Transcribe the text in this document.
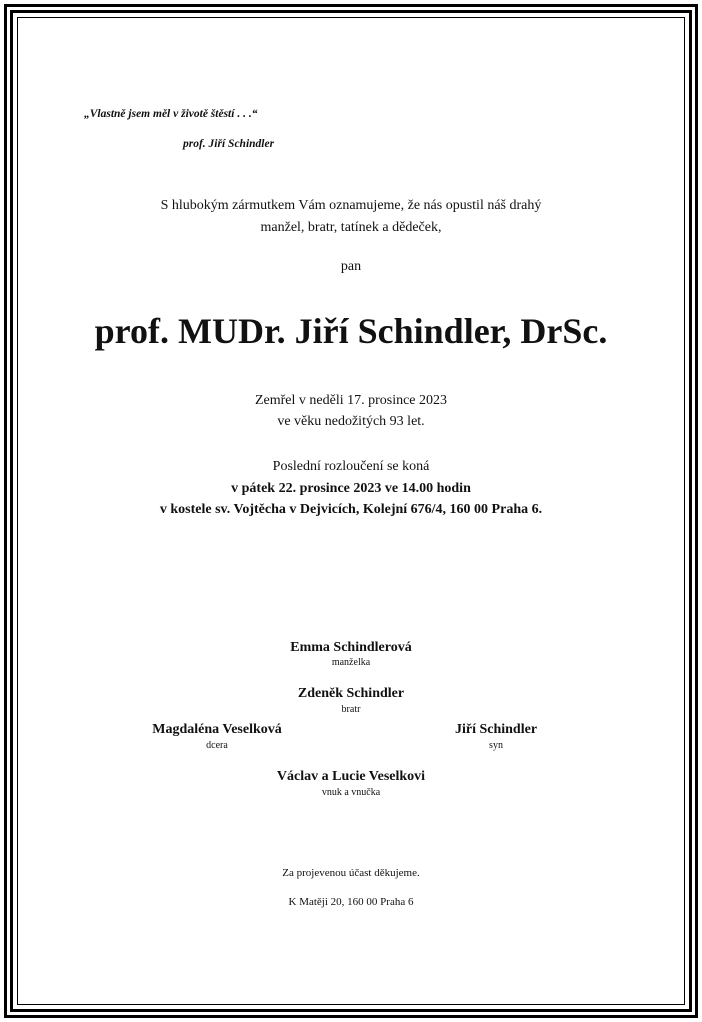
„Vlastně jsem měl v životě štěstí . . .“
prof. Jiří Schindler
S hlubokým zármutkem Vám oznamujeme, že nás opustil náš drahý
manžel, bratr, tatínek a dědeček,
pan
prof. MUDr. Jiří Schindler, DrSc.
Zemřel v neděli 17. prosince 2023
ve věku nedožitých 93 let.
Poslední rozloučení se koná
v pátek 22. prosince 2023 ve 14.00 hodin
v kostele sv. Vojtěcha v Dejvicích, Kolejní 676/4, 160 00 Praha 6.
Emma Schindlerová
manželka
Zdeněk Schindler
bratr
Magdaléna Veselková
dcera
Jiří Schindler
syn
Václav a Lucie Veselkovi
vnuk a vnučka
Za projevenou účast děkujeme.
K Matěji 20, 160 00 Praha 6
